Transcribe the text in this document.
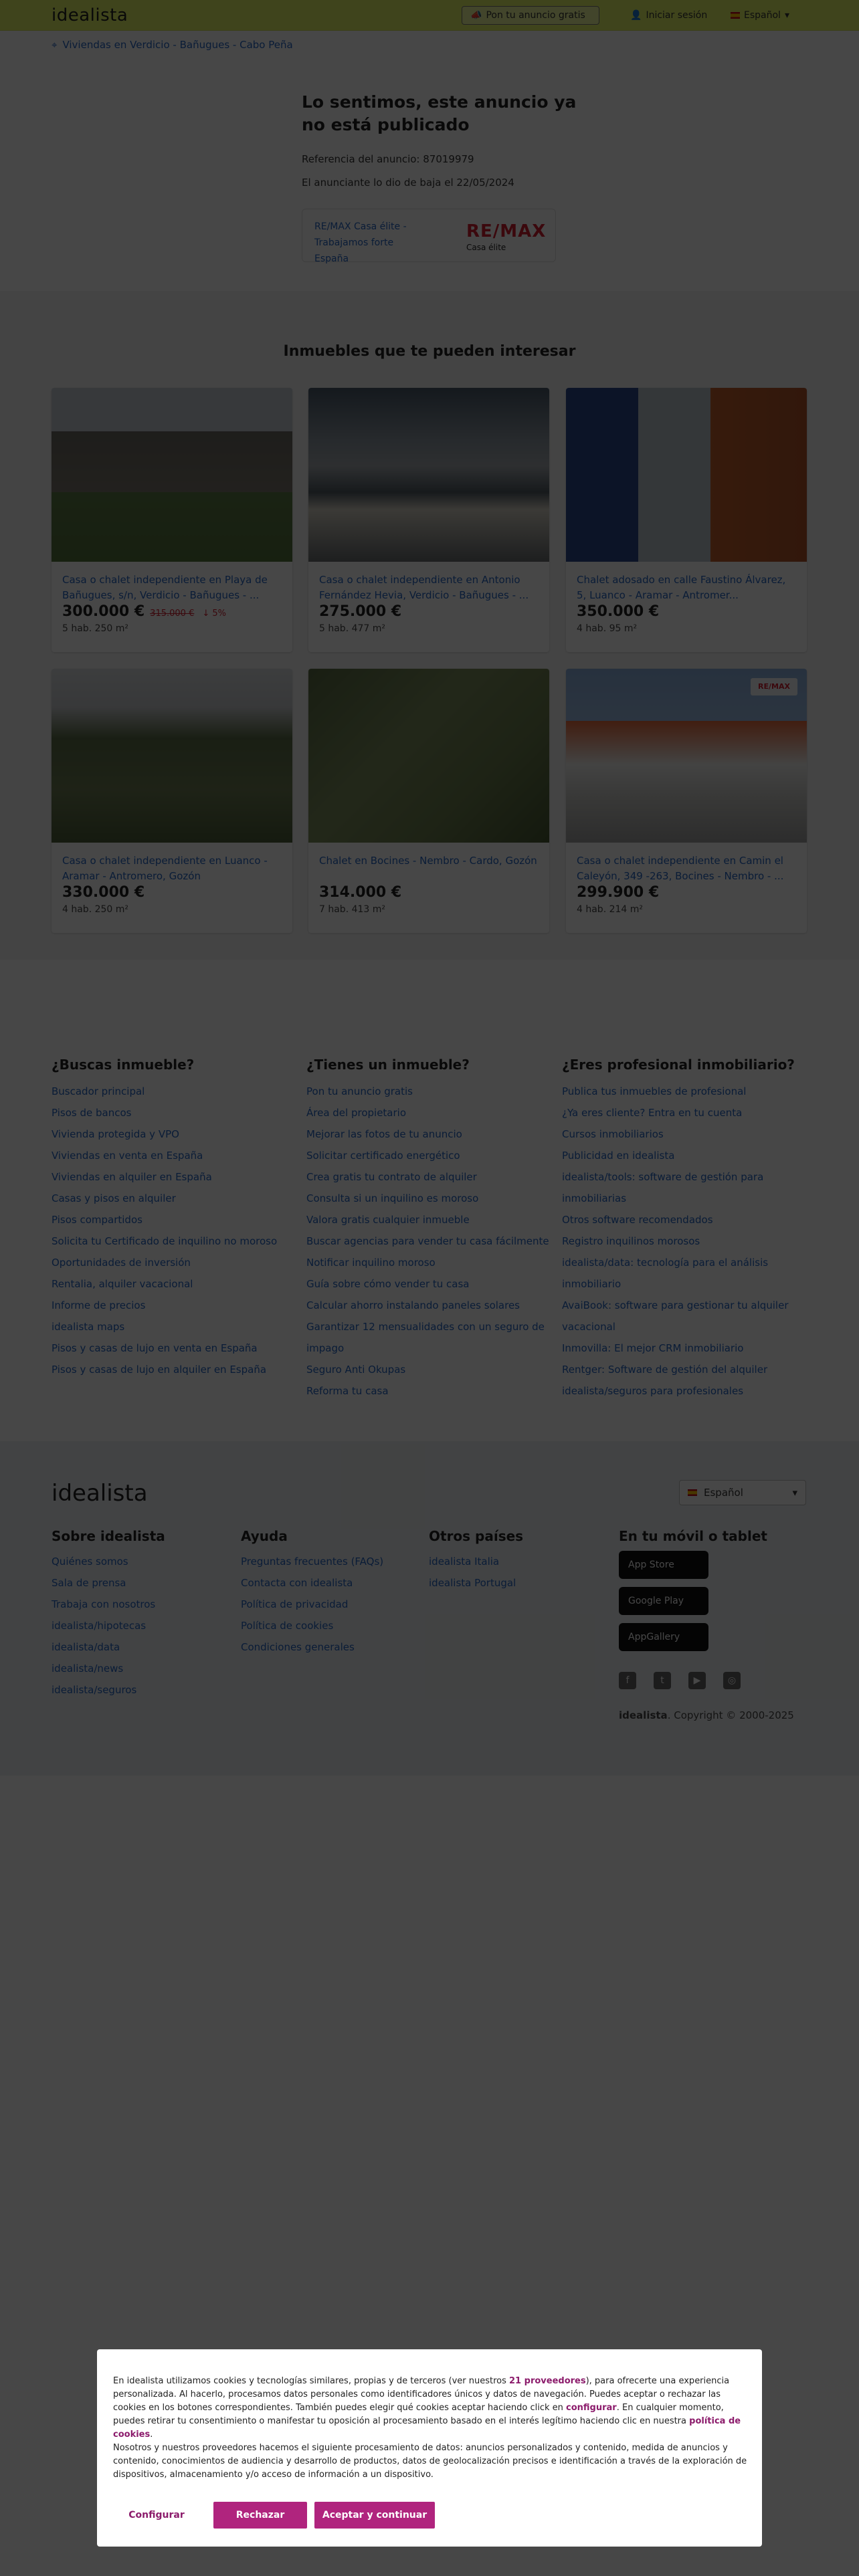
En idealista utilizamos cookies y tecnologías similares, propias y de terceros (ver nuestros 21 proveedores), para ofrecerte una experiencia personalizada. Al hacerlo, procesamos datos personales como identificadores únicos y datos de navegación. Puedes aceptar o rechazar las cookies en los botones correspondientes. También puedes elegir qué cookies aceptar haciendo click en configurar. En cualquier momento, puedes retirar tu consentimiento o manifestar tu oposición al procesamiento basado en el interés legítimo haciendo clic en nuestra política de cookies.
Nosotros y nuestros proveedores hacemos el siguiente procesamiento de datos: anuncios personalizados y contenido, medida de anuncios y contenido, conocimientos de audiencia y desarrollo de productos, datos de geolocalización precisos e identificación a través de la exploración de dispositivos, almacenamiento y/o acceso de información a un dispositivo.
Configurar	Rechazar	Aceptar y continuar
